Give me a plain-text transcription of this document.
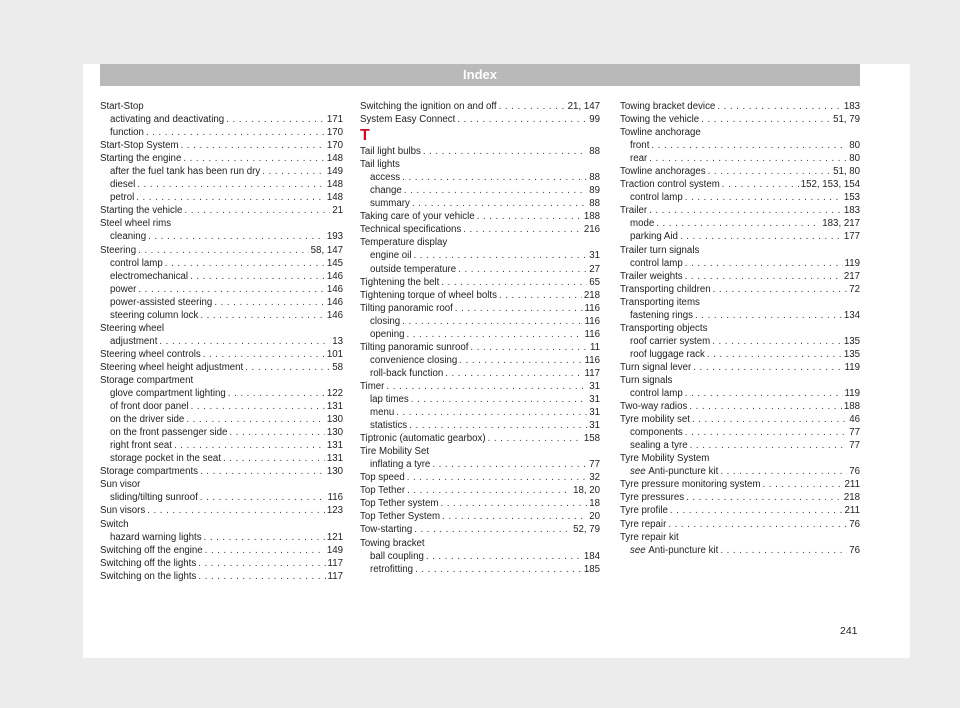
Index
Start-Stop
activating and deactivating . . .	171
function . . .	170
Start-Stop System . . .	170
Starting the engine . . .	148
after the fuel tank has been run dry . . .	149
diesel . . .	148
petrol . . .	148
Starting the vehicle . . .	21
Steel wheel rims
cleaning . . .	193
Steering . . .	58, 147
control lamp . . .	145
electromechanical . . .	146
power . . .	146
power-assisted steering . . .	146
steering column lock . . .	146
Steering wheel
adjustment . . .	13
Steering wheel controls . . .	101
Steering wheel height adjustment . . .	58
Storage compartment
glove compartment lighting . . .	122
of front door panel . . .	131
on the driver side . . .	130
on the front passenger side . . .	130
right front seat . . .	131
storage pocket in the seat . . .	131
Storage compartments . . .	130
Sun visor
sliding/tilting sunroof . . .	116
Sun visors . . .	123
Switch
hazard warning lights . . .	121
Switching off the engine . . .	149
Switching off the lights . . .	117
Switching on the lights . . .	117
Switching the ignition on and off . . .	21, 147
System Easy Connect . . .	99
T
Tail light bulbs . . .	88
Tail lights
access . . .	88
change . . .	89
summary . . .	88
Taking care of your vehicle . . .	188
Technical specifications . . .	216
Temperature display
engine oil . . .	31
outside temperature . . .	27
Tightening the belt . . .	65
Tightening torque of wheel bolts . . .	218
Tilting panoramic roof . . .	116
closing . . .	116
opening . . .	116
Tilting panoramic sunroof . . .	11
convenience closing . . .	116
roll-back function . . .	117
Timer . . .	31
lap times . . .	31
menu . . .	31
statistics . . .	31
Tiptronic (automatic gearbox) . . .	158
Tire Mobility Set
inflating a tyre . . .	77
Top speed . . .	32
Top Tether . . .	18, 20
Top Tether system . . .	18
Top Tether System . . .	20
Tow-starting . . .	52, 79
Towing bracket
ball coupling . . .	184
retrofitting . . .	185
Towing bracket device . . .	183
Towing the vehicle . . .	51, 79
Towline anchorage
front . . .	80
rear . . .	80
Towline anchorages . . .	51, 80
Traction control system . . .	152, 153, 154
control lamp . . .	153
Trailer . . .	183
mode . . .	183, 217
parking Aid . . .	177
Trailer turn signals
control lamp . . .	119
Trailer weights . . .	217
Transporting children . . .	72
Transporting items
fastening rings . . .	134
Transporting objects
roof carrier system . . .	135
roof luggage rack . . .	135
Turn signal lever . . .	119
Turn signals
control lamp . . .	119
Two-way radios . . .	188
Tyre mobility set . . .	46
components . . .	77
sealing a tyre . . .	77
Tyre Mobility System
see Anti-puncture kit . . .	76
Tyre pressure monitoring system . . .	211
Tyre pressures . . .	218
Tyre profile . . .	211
Tyre repair . . .	76
Tyre repair kit
see Anti-puncture kit . . .	76
241
